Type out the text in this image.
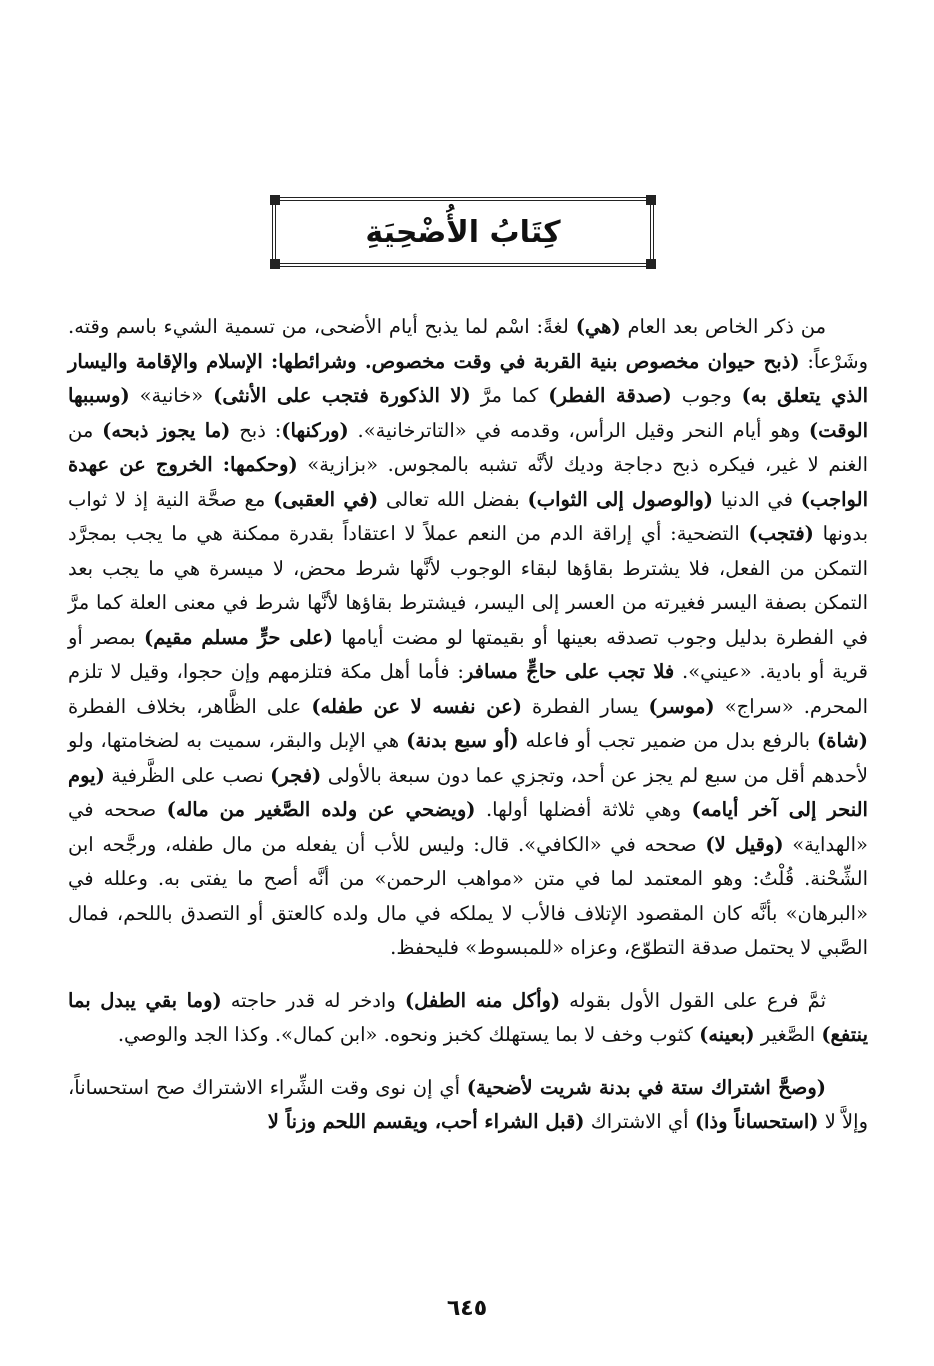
كِتَابُ الأُضْحِيَةِ

من ذكر الخاص بعد العام (هي) لغةً: اسْم لما يذبح أيام الأضحى، من تسمية الشيء باسم وقته. وشَرْعاً: (ذبح حيوان مخصوص بنية القربة في وقت مخصوص. وشرائطها: الإسلام والإقامة واليسار الذي يتعلق به) وجوب (صدقة الفطر) كما مرَّ (لا الذكورة فتجب على الأنثى) «خانية» (وسببها الوقت) وهو أيام النحر وقيل الرأس، وقدمه في «التاترخانية». (وركنها): ذبح (ما يجوز ذبحه) من الغنم لا غير، فيكره ذبح دجاجة وديك لأنَّه تشبه بالمجوس. «بزازية» (وحكمها: الخروج عن عهدة الواجب) في الدنيا (والوصول إلى الثواب) بفضل الله تعالى (في العقبى) مع صحَّة النية إذ لا ثواب بدونها (فتجب) التضحية: أي إراقة الدم من النعم عملاً لا اعتقاداً بقدرة ممكنة هي ما يجب بمجرَّد التمكن من الفعل، فلا يشترط بقاؤها لبقاء الوجوب لأنَّها شرط محض، لا ميسرة هي ما يجب بعد التمكن بصفة اليسر فغيرته من العسر إلى اليسر، فيشترط بقاؤها لأنَّها شرط في معنى العلة كما مرَّ في الفطرة بدليل وجوب تصدقه بعينها أو بقيمتها لو مضت أيامها (على حرٍّ مسلم مقيم) بمصر أو قرية أو بادية. «عيني». فلا تجب على حاجٍّ مسافر: فأما أهل مكة فتلزمهم وإن حجوا، وقيل لا تلزم المحرم. «سراج» (موسر) يسار الفطرة (عن نفسه لا عن طفله) على الظَّاهر، بخلاف الفطرة (شاة) بالرفع بدل من ضمير تجب أو فاعله (أو سبع بدنة) هي الإبل والبقر، سميت به لضخامتها، ولو لأحدهم أقل من سبع لم يجز عن أحد، وتجزي عما دون سبعة بالأولى (فجر) نصب على الظَّرفية (يوم النحر إلى آخر أيامه) وهي ثلاثة أفضلها أولها. (ويضحي عن ولده الصَّغير من ماله) صححه في «الهداية» (وقيل لا) صححه في «الكافي». قال: وليس للأب أن يفعله من مال طفله، ورجَّحه ابن الشِّحْنة. قُلْتُ: وهو المعتمد لما في متن «مواهب الرحمن» من أنَّه أصح ما يفتى به. وعلله في «البرهان» بأنَّه كان المقصود الإتلاف فالأب لا يملكه في مال ولده كالعتق أو التصدق باللحم، فمال الصَّبي لا يحتمل صدقة التطوّع، وعزاه «للمبسوط» فليحفظ.

ثمَّ فرع على القول الأول بقوله (وأكل منه الطفل) وادخر له قدر حاجته (وما بقي يبدل بما ينتفع) الصَّغير (بعينه) كثوب وخف لا بما يستهلك كخبز ونحوه. «ابن كمال». وكذا الجد والوصي.

(وصحَّ اشتراك ستة في بدنة شريت لأضحية) أي إن نوى وقت الشِّراء الاشتراك صح استحساناً، وإلاَّ لا (استحساناً وذا) أي الاشتراك (قبل الشراء أحب، ويقسم اللحم وزناً لا

٦٤٥
